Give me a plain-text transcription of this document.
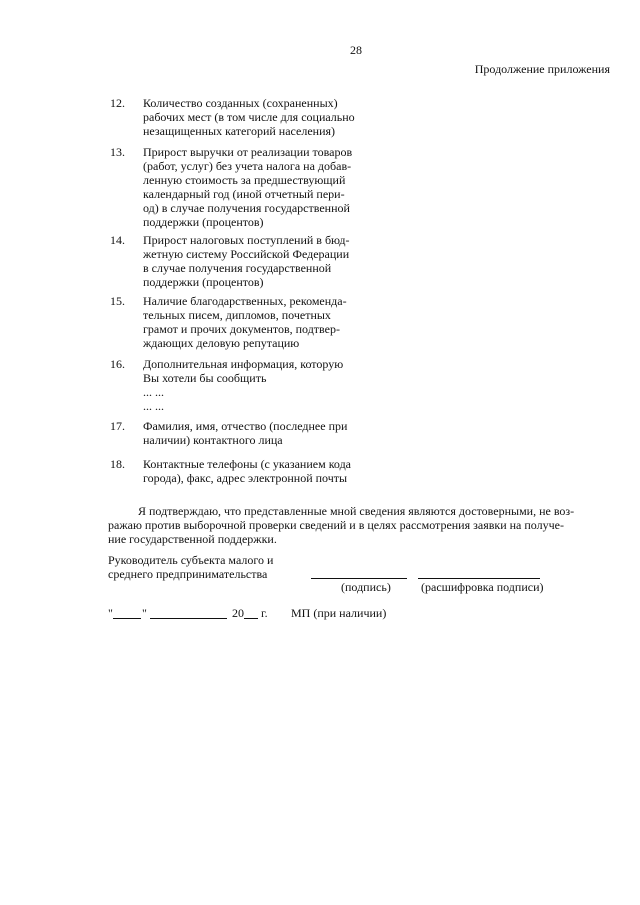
28
Продолжение приложения
12.	Количество созданных (сохраненных)
рабочих мест (в том числе для социально
незащищенных категорий населения)
13.	Прирост выручки от реализации товаров
(работ, услуг) без учета налога на добав-
ленную стоимость за предшествующий
календарный год (иной отчетный пери-
од) в случае получения государственной
поддержки (процентов)
14.	Прирост налоговых поступлений в бюд-
жетную систему Российской Федерации
в случае получения государственной
поддержки (процентов)
15.	Наличие благодарственных, рекоменда-
тельных писем, дипломов, почетных
грамот и прочих документов, подтвер-
ждающих деловую репутацию
16.	Дополнительная информация, которую
Вы хотели бы сообщить
... ...
... ...
17.	Фамилия, имя, отчество (последнее при
наличии) контактного лица
18.	Контактные телефоны (с указанием кода
города), факс, адрес электронной почты
Я подтверждаю, что представленные мной сведения являются достоверными, не воз-
ражаю против выборочной проверки сведений и в целях рассмотрения заявки на получе-
ние государственной поддержки.
Руководитель субъекта малого и
среднего предпринимательства
(подпись)	(расшифровка подписи)
" "	20 г. МП (при наличии)
